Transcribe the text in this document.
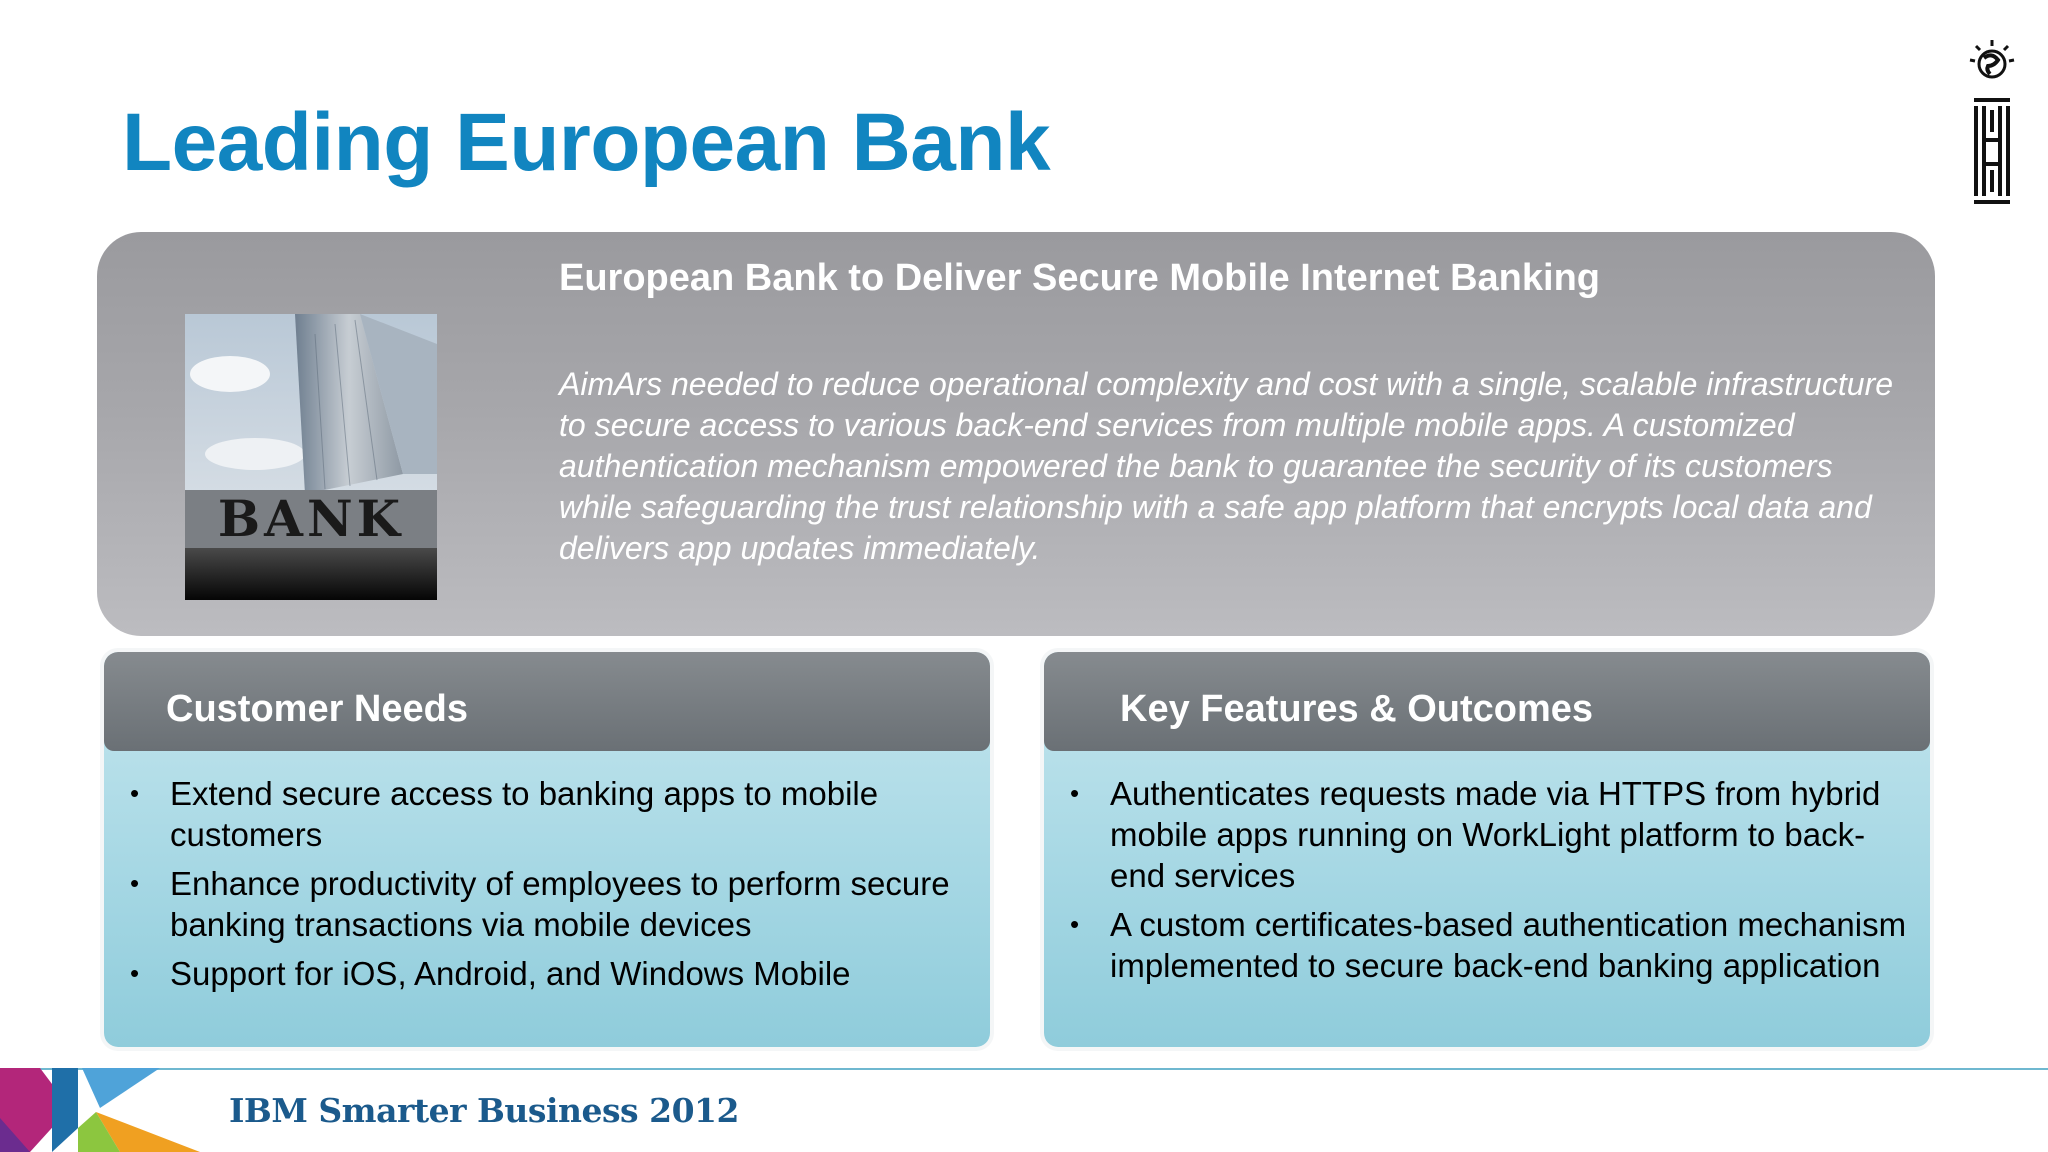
Leading European Bank
BANK
European Bank to Deliver Secure Mobile Internet Banking

AimArs needed to reduce operational complexity and cost with a single, scalable infrastructure to secure access to various back-end services from multiple mobile apps. A customized authentication mechanism empowered the bank to guarantee the security of its customers while safeguarding the trust relationship with a safe app platform that encrypts local data and delivers app updates immediately.

Customer Needs
• Extend secure access to banking apps to mobile customers
• Enhance productivity of employees to perform secure banking transactions via mobile devices
• Support for iOS, Android, and Windows Mobile
Key Features & Outcomes
• Authenticates requests made via HTTPS from hybrid mobile apps running on WorkLight platform to back-end services
• A custom certificates-based authentication mechanism implemented to secure back-end banking application
IBM Smarter Business 2012
